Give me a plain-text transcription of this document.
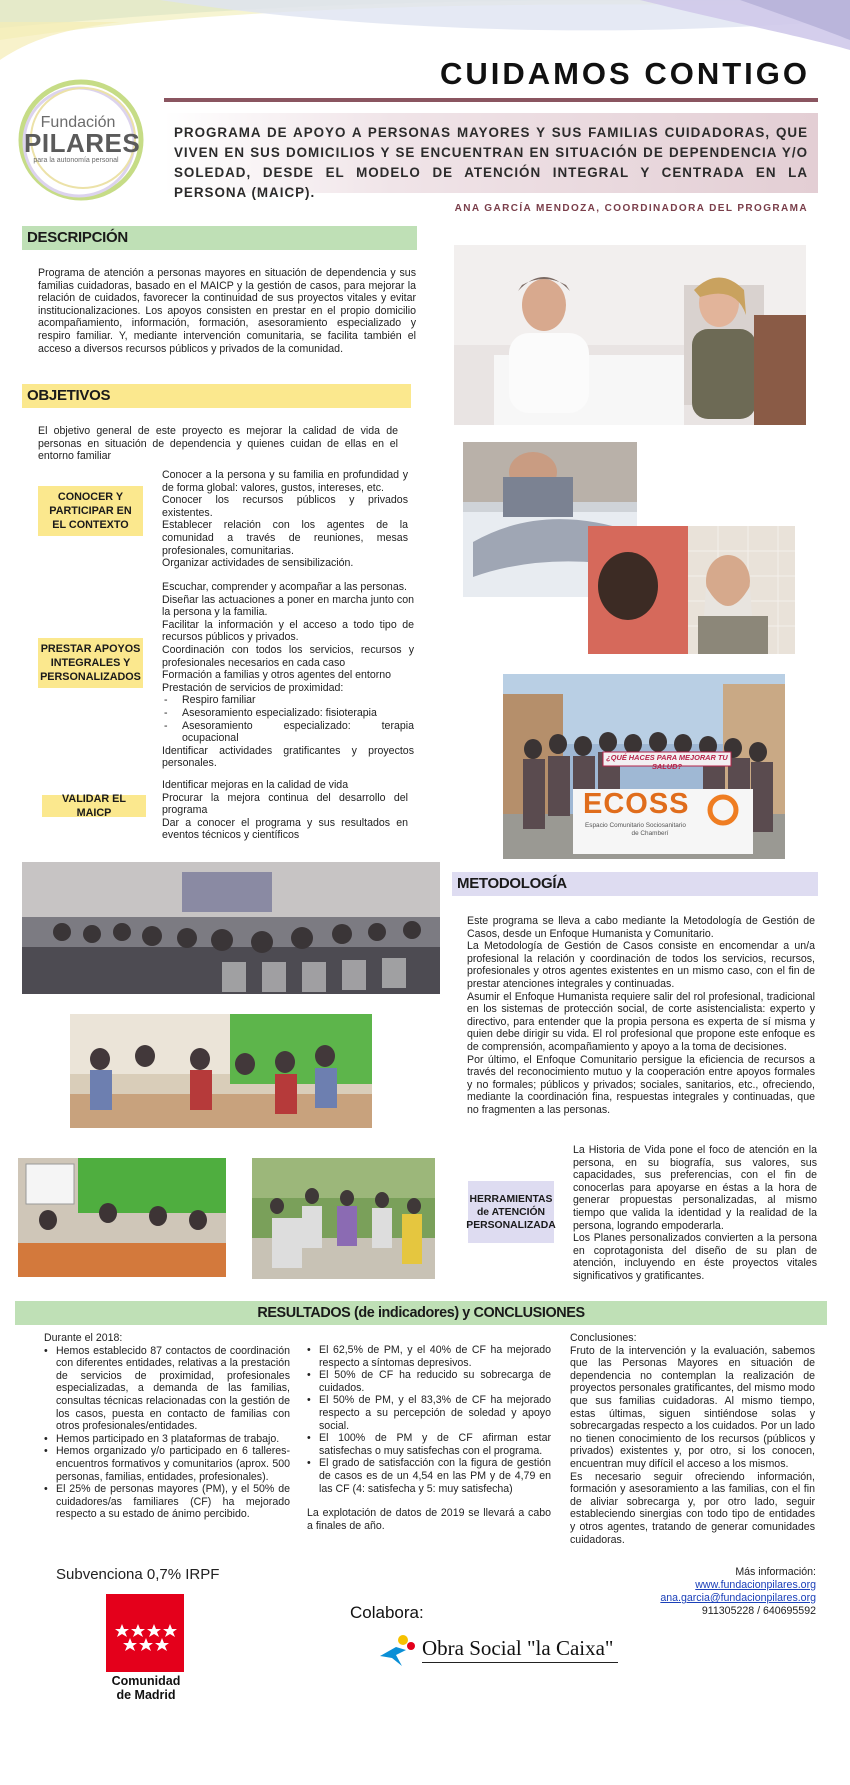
Fundación
PILARES
para la autonomía personal
CUIDAMOS CONTIGO
PROGRAMA DE APOYO A PERSONAS MAYORES Y SUS FAMILIAS CUIDADORAS, QUE VIVEN EN SUS DOMICILIOS Y SE ENCUENTRAN EN SITUACIÓN DE DEPENDENCIA Y/O SOLEDAD, DESDE EL MODELO DE ATENCIÓN INTEGRAL Y CENTRADA EN LA PERSONA (MAICP).
ANA GARCÍA MENDOZA, COORDINADORA DEL PROGRAMA
DESCRIPCIÓN
Programa de atención a personas mayores en situación de dependencia y sus familias cuidadoras, basado en el MAICP y la gestión de casos, para mejorar la relación de cuidados, favorecer la continuidad de sus proyectos vitales y evitar institucionalizaciones. Los apoyos consisten en prestar en el propio domicilio acompañamiento, información, formación, asesoramiento especializado y respiro familiar. Y, mediante intervención comunitaria, se facilita también el acceso a diversos recursos públicos y privados de la comunidad.
OBJETIVOS
El objetivo general de este proyecto es mejorar la calidad de vida de personas en situación de dependencia y quienes cuidan de ellas en el entorno familiar
CONOCER Y PARTICIPAR EN EL CONTEXTO
Conocer a la persona y su familia en profundidad y de forma global: valores, gustos, intereses, etc.
Conocer los recursos públicos y privados existentes.
Establecer relación con los agentes de la comunidad a través de reuniones, mesas profesionales, comunitarias.
Organizar actividades de sensibilización.
PRESTAR APOYOS INTEGRALES Y PERSONALIZADOS
Escuchar, comprender y acompañar a las personas.
Diseñar las actuaciones a poner en marcha junto con la persona y la familia.
Facilitar la información y el acceso a todo tipo de recursos públicos y privados.
Coordinación con todos los servicios, recursos y profesionales necesarios en cada caso
Formación a familias y otros agentes del entorno
Prestación de servicios de proximidad:
- Respiro familiar
- Asesoramiento especializado: fisioterapia
- Asesoramiento especializado: terapia ocupacional
Identificar actividades gratificantes y proyectos personales.
VALIDAR EL MAICP
Identificar mejoras en la calidad de vida
Procurar la mejora continua del desarrollo del programa
Dar a conocer el programa y sus resultados en eventos técnicos y científicos
¿QUÉ HACES PARA MEJORAR TU SALUD?
ECOSS
Espacio Comunitario Sociosanitario
de Chamberí
METODOLOGÍA
Este programa se lleva a cabo mediante la Metodología de Gestión de Casos, desde un Enfoque Humanista y Comunitario.
La Metodología de Gestión de Casos consiste en encomendar a un/a profesional la relación y coordinación de todos los servicios, recursos, profesionales y otros agentes existentes en un mismo caso, con el fin de prestar atenciones integrales y continuadas.
Asumir el Enfoque Humanista requiere salir del rol profesional, tradicional en los sistemas de protección social, de corte asistencialista: experto y directivo, para entender que la propia persona es experta de sí misma y quien debe dirigir su vida. El rol profesional que propone este enfoque es de comprensión, acompañamiento y apoyo a la toma de decisiones.
Por último, el Enfoque Comunitario persigue la eficiencia de recursos a través del reconocimiento mutuo y la cooperación entre apoyos formales y no formales; públicos y privados; sociales, sanitarios, etc., ofreciendo, mediante la coordinación fina, respuestas integrales y continuadas, que no fragmenten a las personas.
HERRAMIENTAS de ATENCIÓN PERSONALIZADA
La Historia de Vida pone el foco de atención en la persona, en su biografía, sus valores, sus capacidades, sus preferencias, con el fin de conocerlas para apoyarse en éstas a la hora de generar propuestas personalizadas, al mismo tiempo que valida la identidad y la realidad de la persona, logrando empoderarla.
Los Planes personalizados convierten a la persona en coprotagonista del diseño de su plan de atención, incluyendo en éste proyectos vitales significativos y gratificantes.
RESULTADOS (de indicadores) y CONCLUSIONES
Durante el 2018:
• Hemos establecido 87 contactos de coordinación con diferentes entidades, relativas a la prestación de servicios de proximidad, profesionales especializadas, a demanda de las familias, consultas técnicas relacionadas con la gestión de los casos, puesta en contacto de familias con otros profesionales/entidades.
• Hemos participado en 3 plataformas de trabajo.
• Hemos organizado y/o participado en 6 talleres-encuentros formativos y comunitarios (aprox. 500 personas, familias, entidades, profesionales).
• El 25% de personas mayores (PM), y el 50% de cuidadores/as familiares (CF) ha mejorado respecto a su estado de ánimo percibido.
• El 62,5% de PM, y el 40% de CF ha mejorado respecto a síntomas depresivos.
• El 50% de CF ha reducido su sobrecarga de cuidados.
• El 50% de PM, y el 83,3% de CF ha mejorado respecto a su percepción de soledad y apoyo social.
• El 100% de PM y de CF afirman estar satisfechas o muy satisfechas con el programa.
• El grado de satisfacción con la figura de gestión de casos es de un 4,54 en las PM y de 4,79 en las CF (4: satisfecha y 5: muy satisfecha)
La explotación de datos de 2019 se llevará a cabo a finales de año.
Conclusiones:
Fruto de la intervención y la evaluación, sabemos que las Personas Mayores en situación de dependencia no contemplan la realización de proyectos personales gratificantes, del mismo modo que sus familias cuidadoras. Al mismo tiempo, estas últimas, siguen sintiéndose solas y sobrecargadas respecto a los cuidados. Por un lado no tienen conocimiento de los recursos (públicos y privados) existentes y, por otro, si los conocen, encuentran muy difícil el acceso a los mismos.
Es necesario seguir ofreciendo información, formación y asesoramiento a las familias, con el fin de aliviar sobrecarga y, por otro lado, seguir estableciendo sinergias con todo tipo de entidades y otros agentes, tratando de generar comunidades cuidadoras.
Subvenciona 0,7% IRPF
Comunidad
de Madrid
Colabora:
Obra Social "la Caixa"
Más información:
www.fundacionpilares.org
ana.garcia@fundacionpilares.org
911305228 / 640695592
